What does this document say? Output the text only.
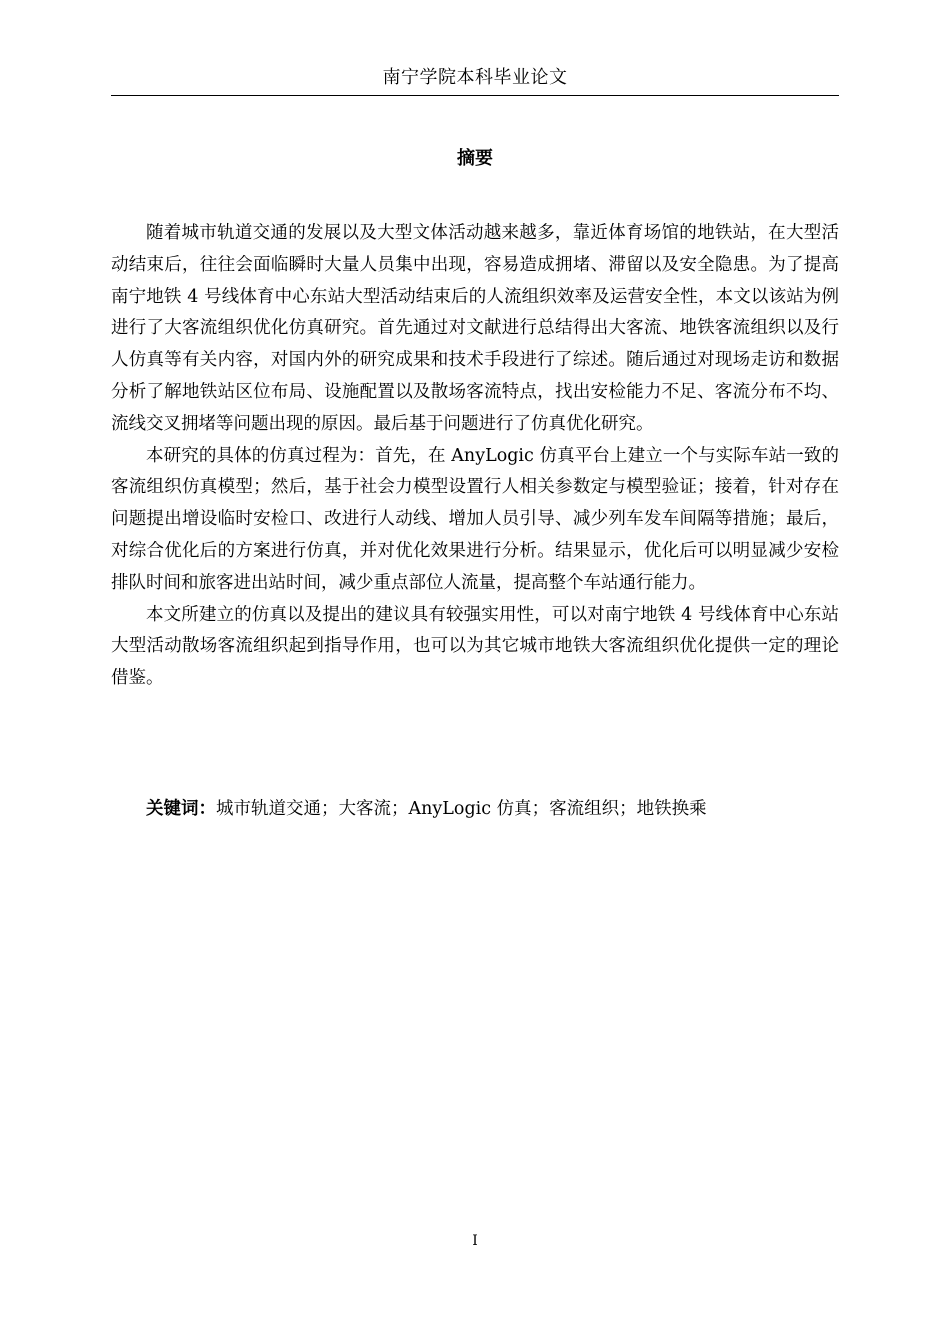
南宁学院本科毕业论文
摘要

随着城市轨道交通的发展以及大型文体活动越来越多，靠近体育场馆的地铁站，在大型活动结束后，往往会面临瞬时大量人员集中出现，容易造成拥堵、滞留以及安全隐患。为了提高南宁地铁 4 号线体育中心东站大型活动结束后的人流组织效率及运营安全性，本文以该站为例进行了大客流组织优化仿真研究。首先通过对文献进行总结得出大客流、地铁客流组织以及行人仿真等有关内容，对国内外的研究成果和技术手段进行了综述。随后通过对现场走访和数据分析了解地铁站区位布局、设施配置以及散场客流特点，找出安检能力不足、客流分布不均、流线交叉拥堵等问题出现的原因。最后基于问题进行了仿真优化研究。

本研究的具体的仿真过程为：首先，在 AnyLogic 仿真平台上建立一个与实际车站一致的客流组织仿真模型；然后，基于社会力模型设置行人相关参数定与模型验证；接着，针对存在问题提出增设临时安检口、改进行人动线、增加人员引导、减少列车发车间隔等措施；最后，对综合优化后的方案进行仿真，并对优化效果进行分析。结果显示，优化后可以明显减少安检排队时间和旅客进出站时间，减少重点部位人流量，提高整个车站通行能力。

本文所建立的仿真以及提出的建议具有较强实用性，可以对南宁地铁 4 号线体育中心东站大型活动散场客流组织起到指导作用，也可以为其它城市地铁大客流组织优化提供一定的理论借鉴。

关键词：城市轨道交通；大客流；AnyLogic 仿真；客流组织；地铁换乘
I
